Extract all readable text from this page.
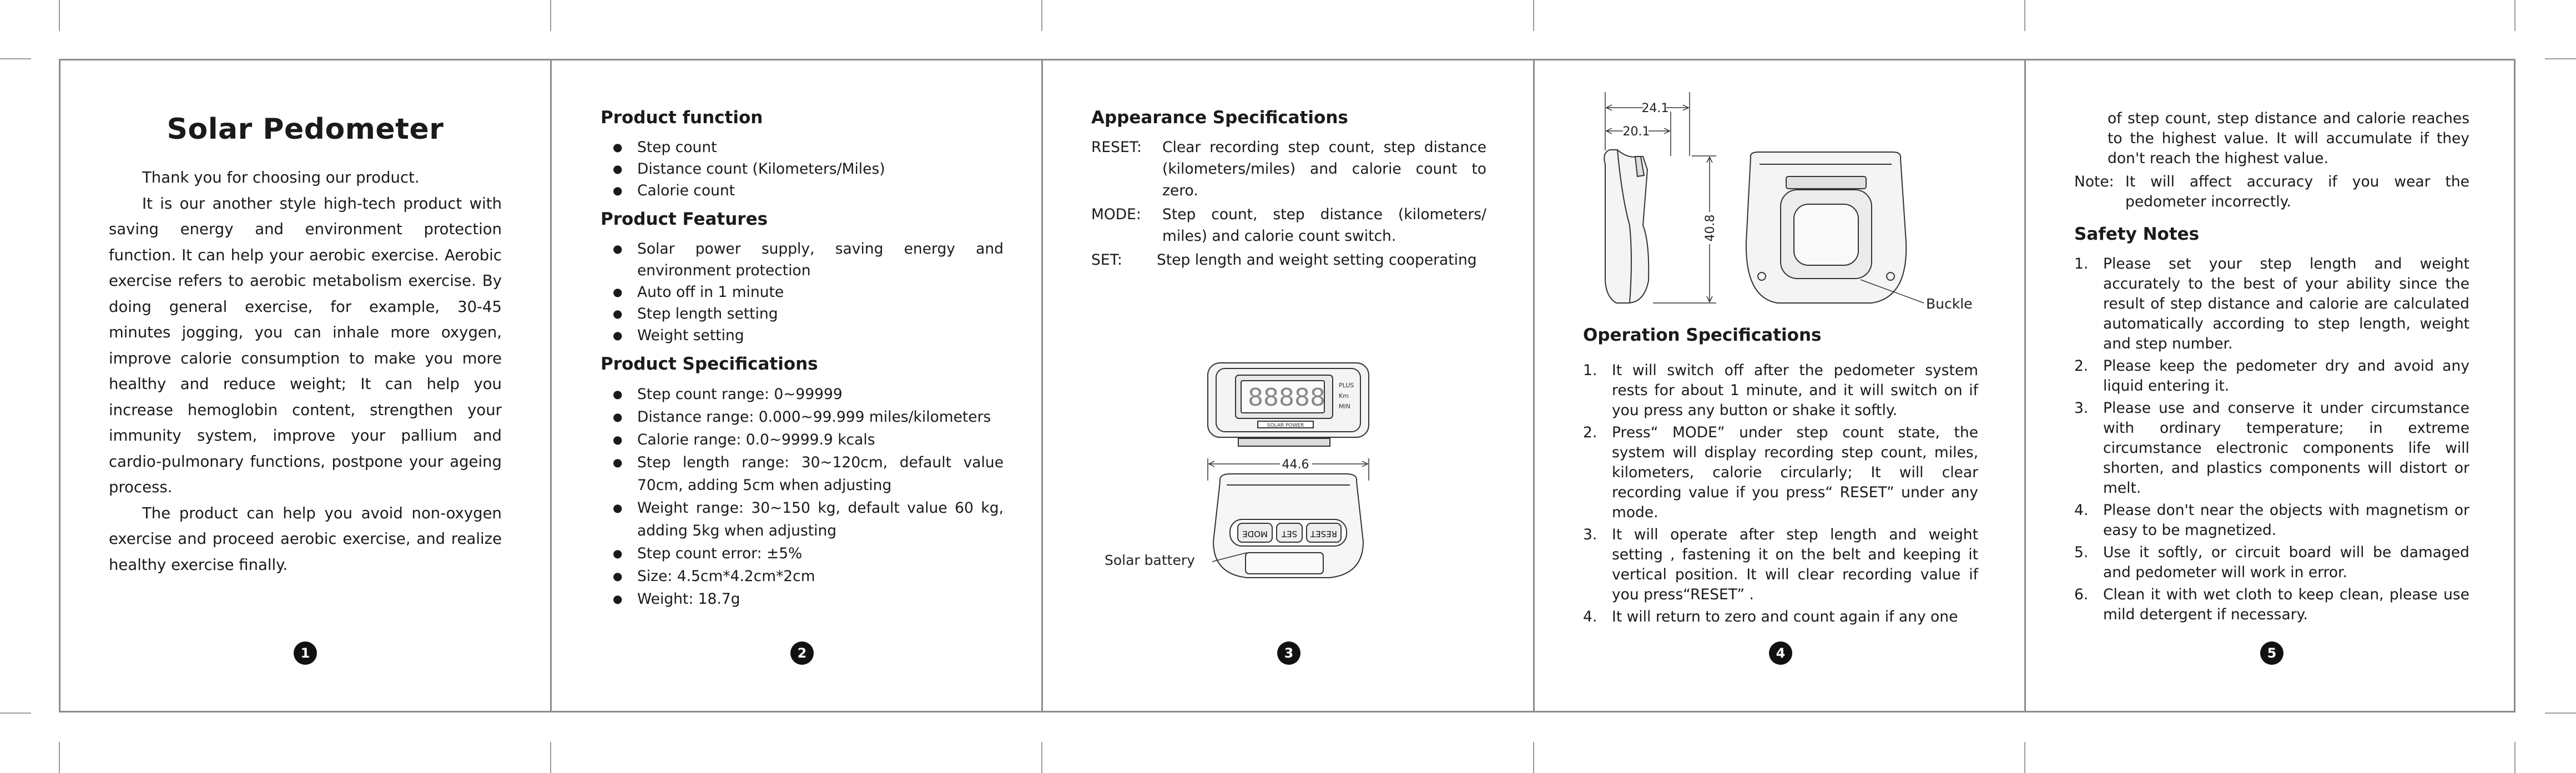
Solar Pedometer

Thank you for choosing our product.

It is our another style high-tech product with saving energy and environment protection function. It can help your aerobic exercise. Aerobic exercise refers to aerobic metabolism exercise. By doing general exercise, for example, 30-45 minutes jogging, you can inhale more oxygen, improve calorie consumption to make you more healthy and reduce weight; It can help you increase hemoglobin content, strengthen your immunity system, improve your pallium and cardio-pulmonary functions, postpone your ageing process.

The product can help you avoid non-oxygen exercise and proceed aerobic exercise, and realize healthy exercise finally.

1
Product function
● Step count
● Distance count (Kilometers/Miles)
● Calorie count
Product Features
● Solar power supply, saving energy and environment protection
● Auto off in 1 minute
● Step length setting
● Weight setting
Product Specifications
● Step count range: 0~99999
● Distance range: 0.000~99.999 miles/kilometers
● Calorie range: 0.0~9999.9 kcals
● Step length range: 30~120cm, default value 70cm, adding 5cm when adjusting
● Weight range: 30~150 kg, default value 60 kg, adding 5kg when adjusting
● Step count error: ±5%
● Size: 4.5cm*4.2cm*2cm
● Weight: 18.7g
2
Appearance Specifications
RESET: Clear recording step count, step distance (kilometers/miles) and calorie count to zero.
MODE: Step count, step distance (kilometers/ miles) and calorie count switch.
SET: Step length and weight setting cooperating
88888 PLUS
Km
MIN
SOLAR POWER
44.6
MODE SET RESET
Solar battery
3
24.1
20.1
40.8
Buckle
Operation Specifications
1. It will switch off after the pedometer system rests for about 1 minute, and it will switch on if you press any button or shake it softly.
2. Press“ MODE” under step count state, the system will display recording step count, miles, kilometers, calorie circularly; It will clear recording value if you press“ RESET” under any mode.
3. It will operate after step length and weight setting , fastening it on the belt and keeping it vertical position. It will clear recording value if you press“RESET” .
4. It will return to zero and count again if any one
4

of step count, step distance and calorie reaches to the highest value. It will accumulate if they don't reach the highest value.

Note: It will affect accuracy if you wear the pedometer incorrectly.
Safety Notes
1. Please set your step length and weight accurately to the best of your ability since the result of step distance and calorie are calculated automatically according to step length, weight and step number.
2. Please keep the pedometer dry and avoid any liquid entering it.
3. Please use and conserve it under circumstance with ordinary temperature; in extreme circumstance electronic components life will shorten, and plastics components will distort or melt.
4. Please don't near the objects with magnetism or easy to be magnetized.
5. Use it softly, or circuit board will be damaged and pedometer will work in error.
6. Clean it with wet cloth to keep clean, please use mild detergent if necessary.
5
